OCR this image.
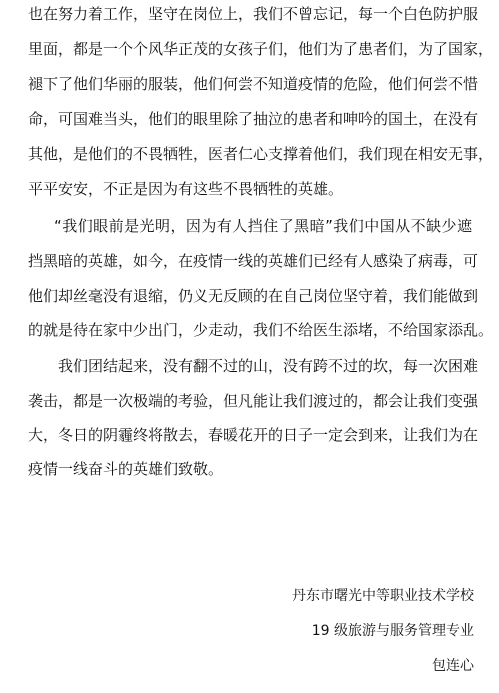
也在努力着工作，坚守在岗位上，我们不曾忘记，每一个白色防护服
里面，都是一个个风华正茂的女孩子们，他们为了患者们，为了国家，
褪下了他们华丽的服装，他们何尝不知道疫情的危险，他们何尝不惜
命，可国难当头，他们的眼里除了抽泣的患者和呻吟的国土，在没有
其他，是他们的不畏牺牲，医者仁心支撑着他们，我们现在相安无事，
平平安安，不正是因为有这些不畏牺牲的英雄。
“我们眼前是光明，因为有人挡住了黑暗”我们中国从不缺少遮
挡黑暗的英雄，如今，在疫情一线的英雄们已经有人感染了病毒，可
他们却丝毫没有退缩，仍义无反顾的在自己岗位坚守着，我们能做到
的就是待在家中少出门，少走动，我们不给医生添堵，不给国家添乱。
我们团结起来，没有翻不过的山，没有跨不过的坎，每一次困难
袭击，都是一次极端的考验，但凡能让我们渡过的，都会让我们变强
大，冬日的阴霾终将散去，春暖花开的日子一定会到来，让我们为在
疫情一线奋斗的英雄们致敬。
丹东市曙光中等职业技术学校
19 级旅游与服务管理专业
包连心
